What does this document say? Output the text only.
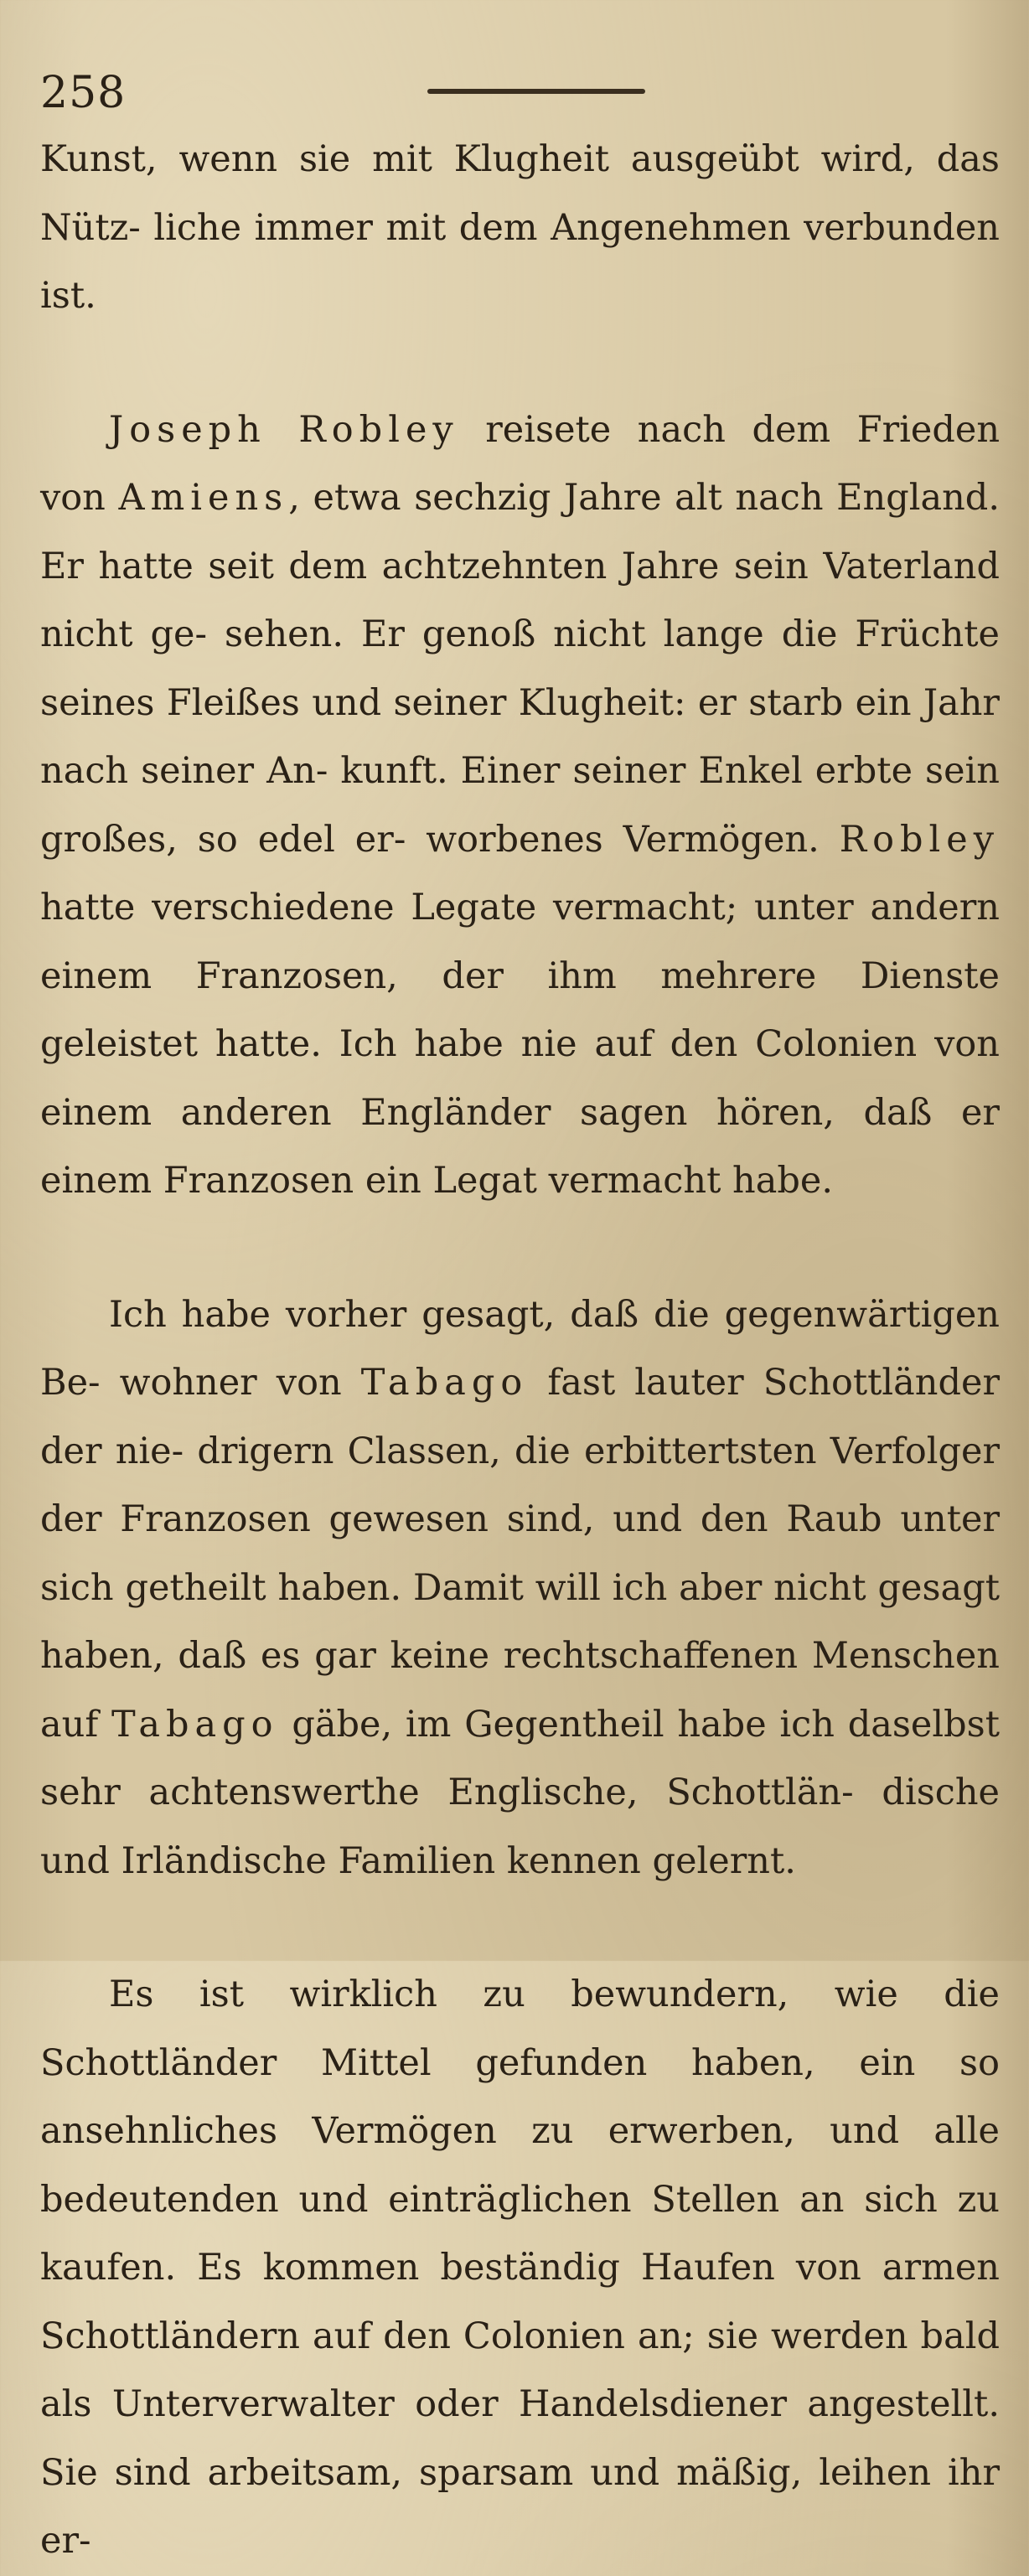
258

Kunst, wenn sie mit Klugheit ausgeübt wird, das Nütz- liche immer mit dem Angenehmen verbunden ist.

Joseph Robley reisete nach dem Frieden von Amiens, etwa sechzig Jahre alt nach England. Er hatte seit dem achtzehnten Jahre sein Vaterland nicht ge- sehen. Er genoß nicht lange die Früchte seines Fleißes und seiner Klugheit: er starb ein Jahr nach seiner An- kunft. Einer seiner Enkel erbte sein großes, so edel er- worbenes Vermögen. Robley hatte verschiedene Legate vermacht; unter andern einem Franzosen, der ihm mehrere Dienste geleistet hatte. Ich habe nie auf den Colonien von einem anderen Engländer sagen hören, daß er einem Franzosen ein Legat vermacht habe.

Ich habe vorher gesagt, daß die gegenwärtigen Be- wohner von Tabago fast lauter Schottländer der nie- drigern Classen, die erbittertsten Verfolger der Franzosen gewesen sind, und den Raub unter sich getheilt haben. Damit will ich aber nicht gesagt haben, daß es gar keine rechtschaffenen Menschen auf Tabago gäbe, im Gegentheil habe ich daselbst sehr achtenswerthe Englische, Schottlän- dische und Irländische Familien kennen gelernt.

Es ist wirklich zu bewundern, wie die Schottländer Mittel gefunden haben, ein so ansehnliches Vermögen zu erwerben, und alle bedeutenden und einträglichen Stellen an sich zu kaufen. Es kommen beständig Haufen von armen Schottländern auf den Colonien an; sie werden bald als Unterverwalter oder Handelsdiener angestellt. Sie sind arbeitsam, sparsam und mäßig, leihen ihr er-
